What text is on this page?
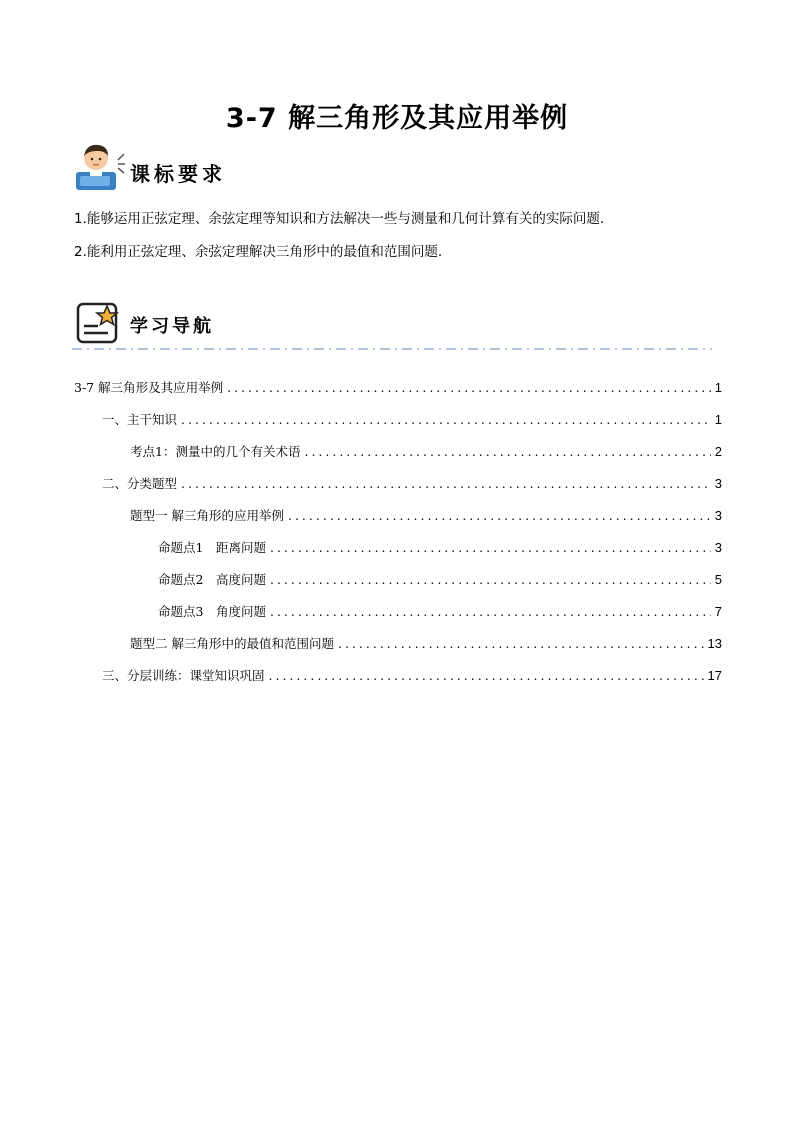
3-7 解三角形及其应用举例
课标要求
1.能够运用正弦定理、余弦定理等知识和方法解决一些与测量和几何计算有关的实际问题.
2.能利用正弦定理、余弦定理解决三角形中的最值和范围问题.
学习导航
3-7 解三角形及其应用举例 .....	1
一、主干知识 .....	1
考点1：测量中的几个有关术语 .....	2
二、分类题型 .....	3
题型一 解三角形的应用举例 .....	3
命题点1　距离问题 .....	3
命题点2　高度问题 .....	5
命题点3　角度问题 .....	7
题型二 解三角形中的最值和范围问题 .....	13
三、分层训练：课堂知识巩固 .....	17
